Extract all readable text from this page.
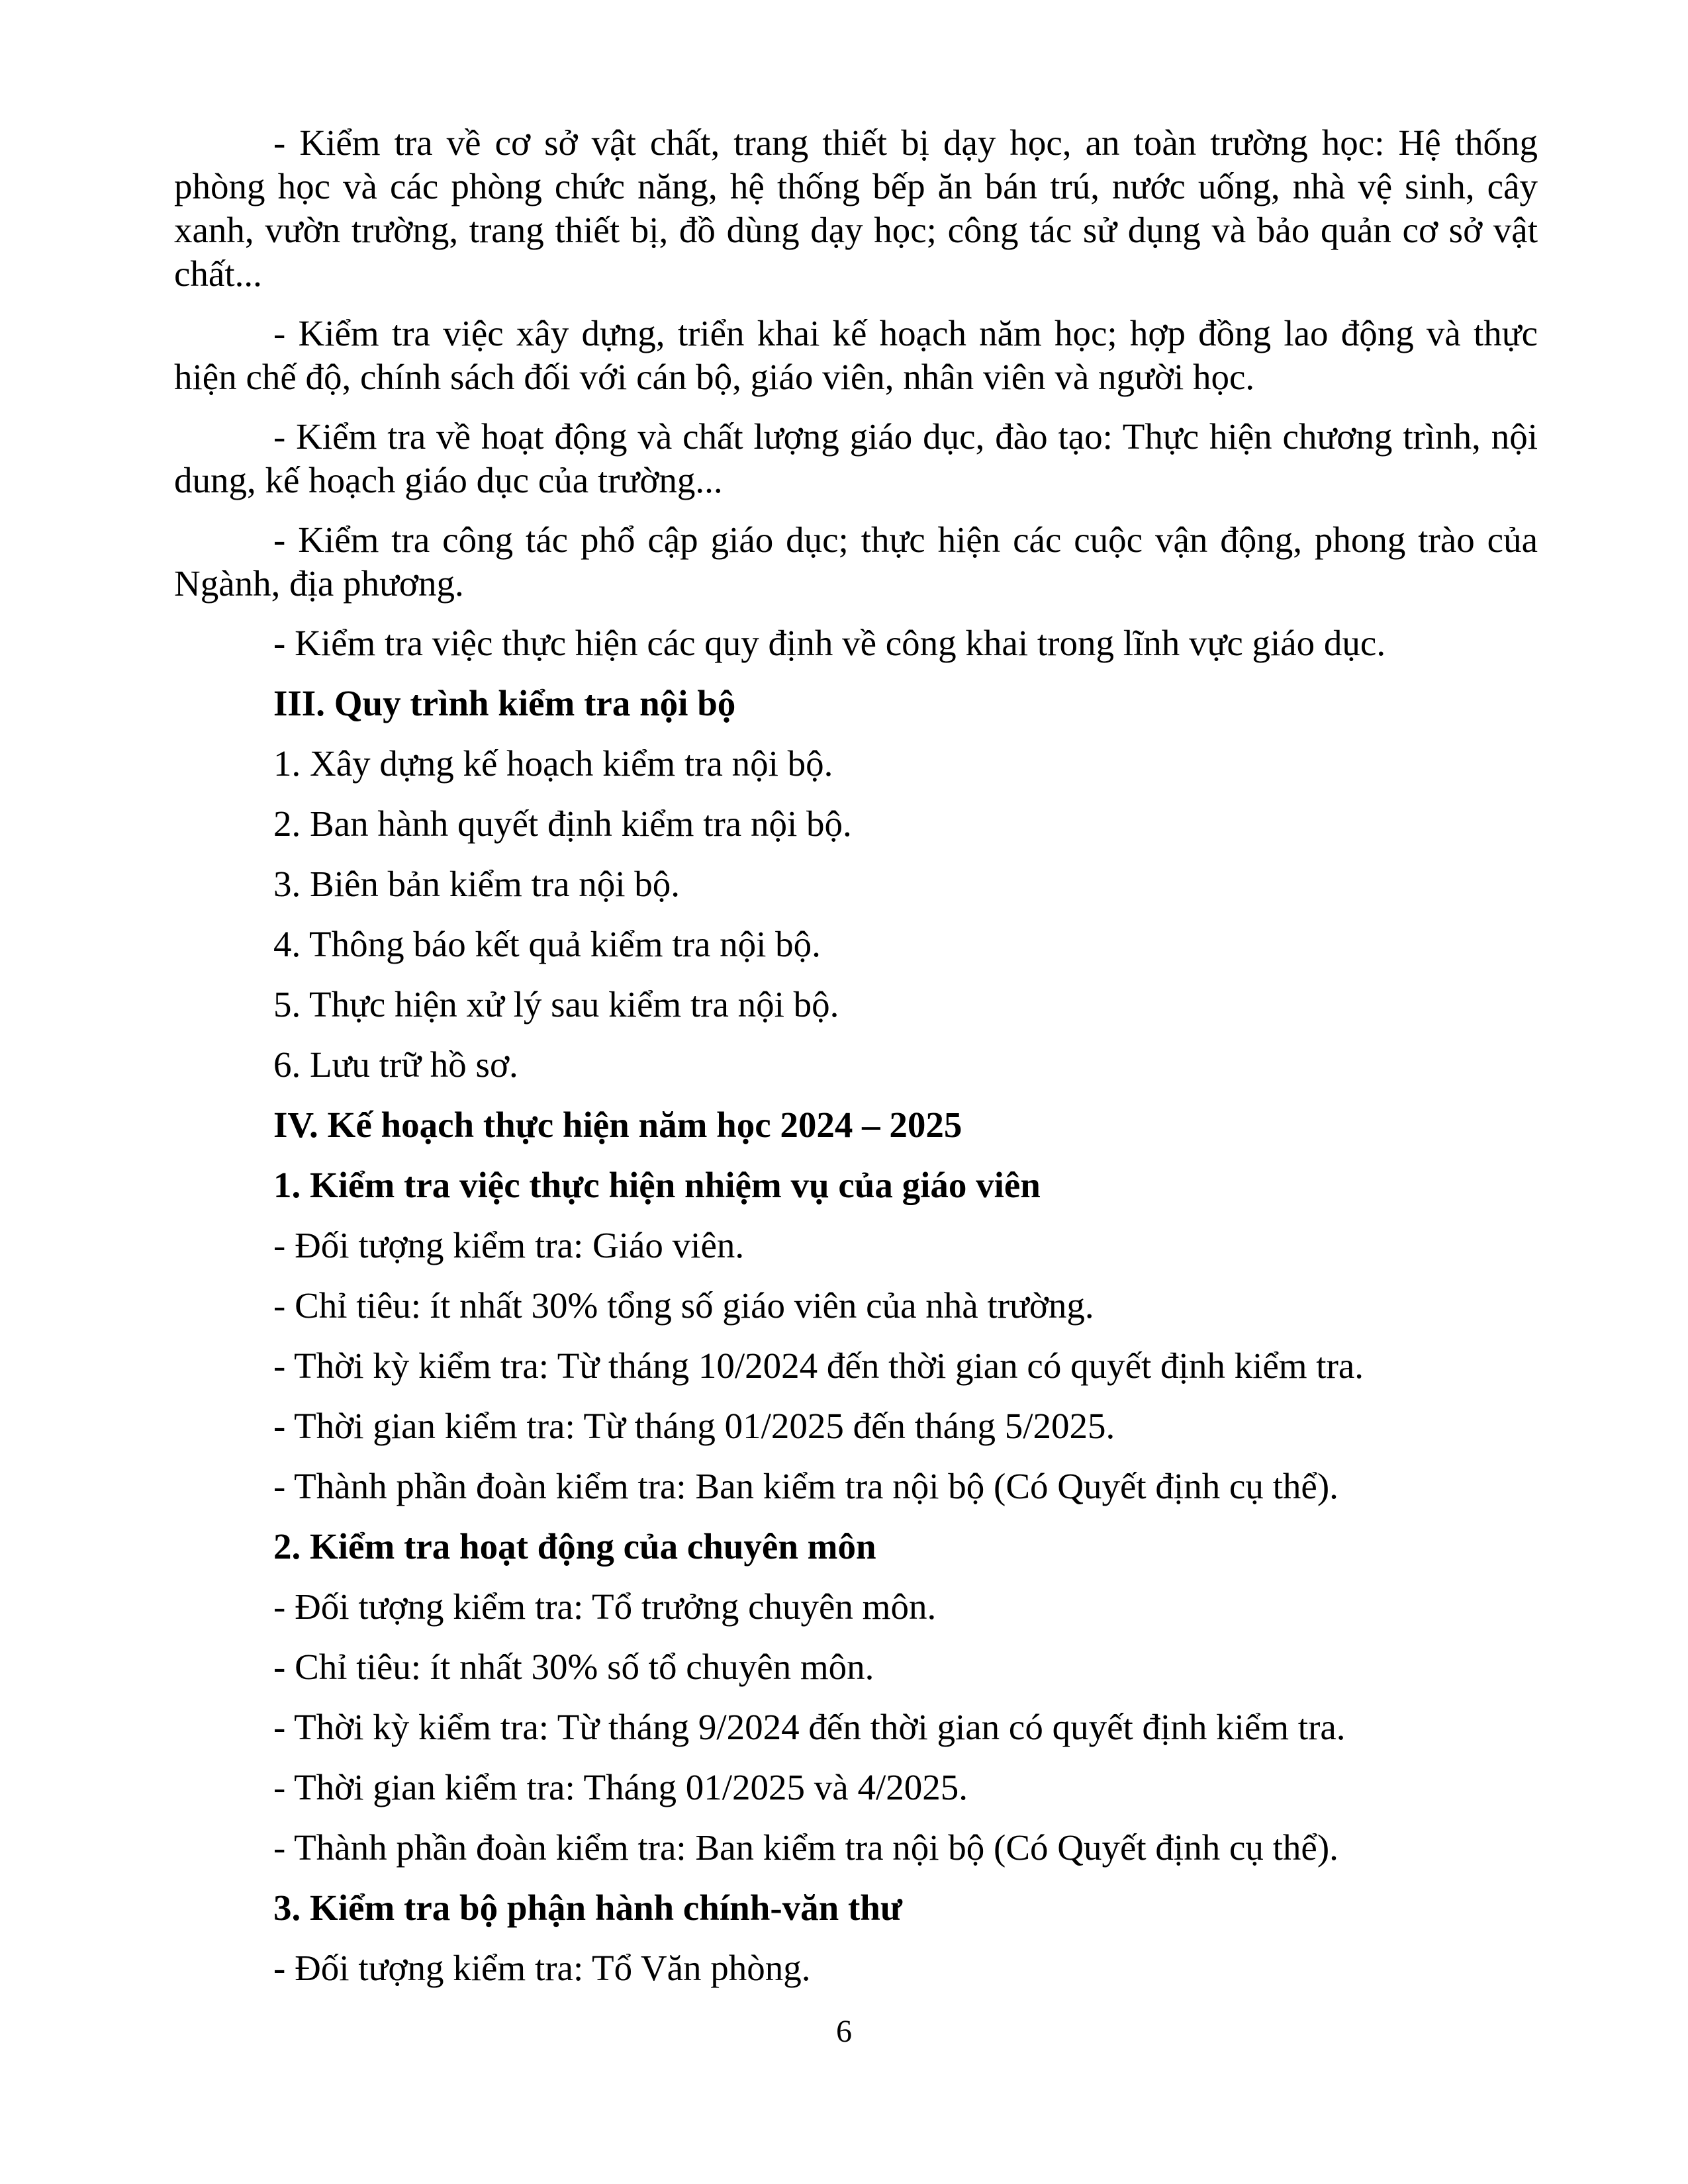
- Kiểm tra về cơ sở vật chất, trang thiết bị dạy học, an toàn trường học: Hệ thống phòng học và các phòng chức năng, hệ thống bếp ăn bán trú, nước uống, nhà vệ sinh, cây xanh, vườn trường, trang thiết bị, đồ dùng dạy học; công tác sử dụng và bảo quản cơ sở vật chất...

- Kiểm tra việc xây dựng, triển khai kế hoạch năm học; hợp đồng lao động và thực hiện chế độ, chính sách đối với cán bộ, giáo viên, nhân viên và người học.

- Kiểm tra về hoạt động và chất lượng giáo dục, đào tạo: Thực hiện chương trình, nội dung, kế hoạch giáo dục của trường...

- Kiểm tra công tác phổ cập giáo dục; thực hiện các cuộc vận động, phong trào của Ngành, địa phương.

- Kiểm tra việc thực hiện các quy định về công khai trong lĩnh vực giáo dục.

III. Quy trình kiểm tra nội bộ

1. Xây dựng kế hoạch kiểm tra nội bộ.

2. Ban hành quyết định kiểm tra nội bộ.

3. Biên bản kiểm tra nội bộ.

4. Thông báo kết quả kiểm tra nội bộ.

5. Thực hiện xử lý sau kiểm tra nội bộ.

6. Lưu trữ hồ sơ.

IV. Kế hoạch thực hiện năm học 2024 – 2025

1. Kiểm tra việc thực hiện nhiệm vụ của giáo viên

- Đối tượng kiểm tra: Giáo viên.

- Chỉ tiêu: ít nhất 30% tổng số giáo viên của nhà trường.

- Thời kỳ kiểm tra: Từ tháng 10/2024 đến thời gian có quyết định kiểm tra.

- Thời gian kiểm tra: Từ tháng 01/2025 đến tháng 5/2025.

- Thành phần đoàn kiểm tra: Ban kiểm tra nội bộ (Có Quyết định cụ thể).

2. Kiểm tra hoạt động của chuyên môn

- Đối tượng kiểm tra: Tổ trưởng chuyên môn.

- Chỉ tiêu: ít nhất 30% số tổ chuyên môn.

- Thời kỳ kiểm tra: Từ tháng 9/2024 đến thời gian có quyết định kiểm tra.

- Thời gian kiểm tra: Tháng 01/2025 và 4/2025.

- Thành phần đoàn kiểm tra: Ban kiểm tra nội bộ (Có Quyết định cụ thể).

3. Kiểm tra bộ phận hành chính-văn thư

- Đối tượng kiểm tra: Tổ Văn phòng.

6
